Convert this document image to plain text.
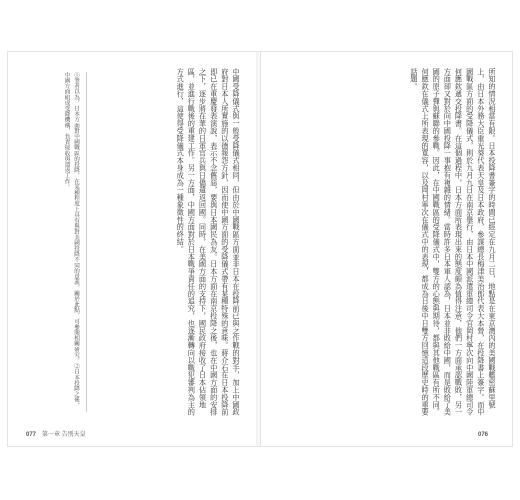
中國受降儀式與一般受降儀式相同，但由於中國戰區方面並非日本在投降前已與之作戰的對手，加上中國政府對日本人所實施的以德報怨方針，因而使中國方面的受降儀式帶有某種特殊的意味。蔣介石在日本投降前即已在重慶發表演說，表示不念舊惡，要與日本國民為友。日本方面在南京投降之後，也在中國方面的安排之下，逐步將在華的日軍官兵與日僑遣返回國。同時，在美國方面的支持下，國民政府接收了日本佔領地區，並進行戰後的重建工作。另一方面，中國方面對於日本戰爭責任的追究，也逐漸轉向以戰犯審判為主的方式進行，這使得受降儀式本身成為一種象徵性的終結。
①筆者以為，日本方面對中國戰區的投降，在某種程度上具有與對美國投降不同的意義。關於此點，可參閱相關研究。②日本投降之後，中國方面組成受降機構，負責接收與遣返工作。
077 第一章 告別天皇
所知的情況相當有限。日本投降書簽字的時間已經定在九月二日，地點是在東京灣內的美國戰艦密蘇里號上，由日本外務大臣重光葵代表天皇及日本政府，參謀總長梅津美治郎代表大本營，在投降書上簽字。而中國戰區方面的受降儀式，則於九月九日在南京舉行，由日本中國派遣軍總司令官岡村寧次向中國陸軍總司令何應欽遞交投降書。在這個過程中，日本方面所表現出來的態度頗為值得注意，他們一方面承認戰敗，另一方面卻又對於向中國投降一事抱有複雜的情緒。當時許多日本軍人認為，日本並非敗給中國，而是敗給了美國的原子彈與蘇聯的參戰。因此，在中國戰區的受降儀式中，雙方的心態與期待，都與其他戰區有所不同。何應欽在儀式上所表現的寬容，以及岡村寧次在儀式中的表現，都成為日後中日雙方回憶這段歷史時的重要話題。
076
